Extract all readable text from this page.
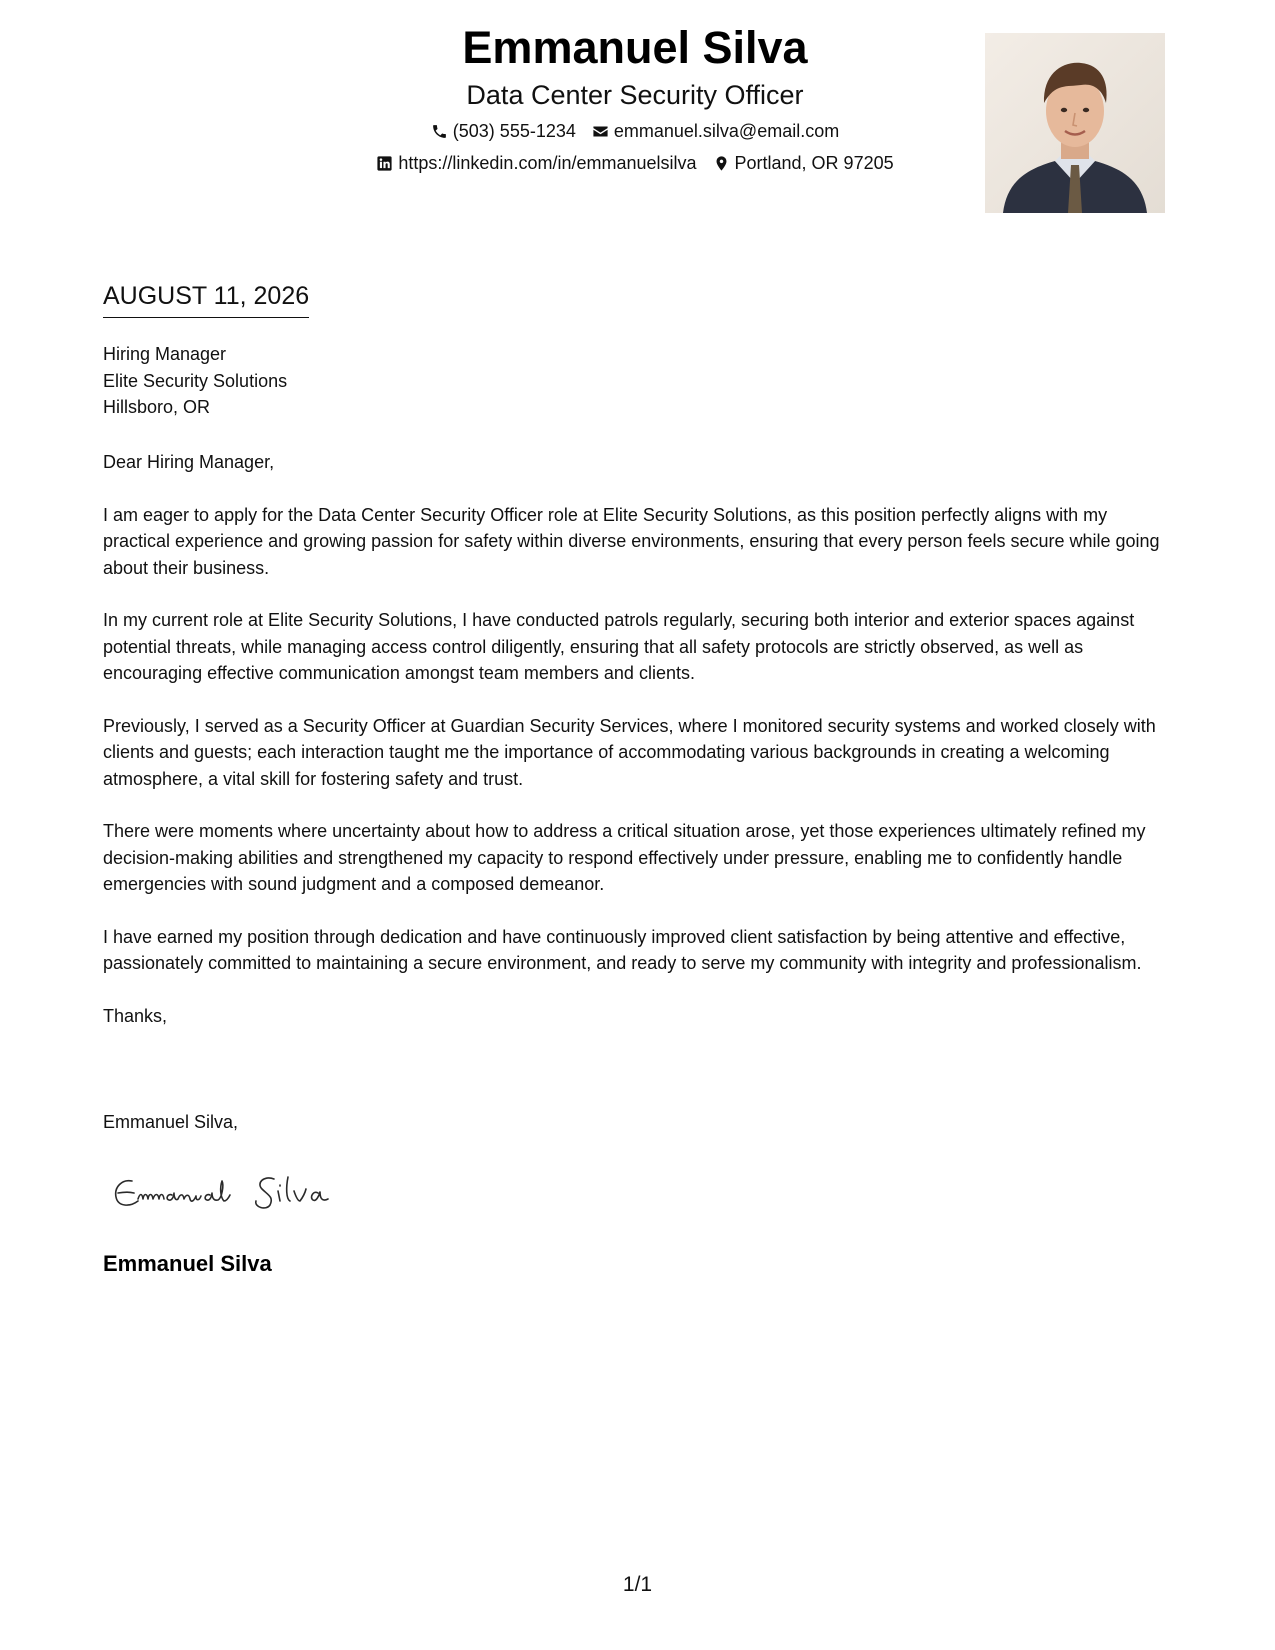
Emmanuel Silva
Data Center Security Officer
(503) 555-1234 emmanuel.silva@email.com
https://linkedin.com/in/emmanuelsilva Portland, OR 97205
AUGUST 11, 2026
Hiring Manager
Elite Security Solutions
Hillsboro, OR

Dear Hiring Manager,

I am eager to apply for the Data Center Security Officer role at Elite Security Solutions, as this position perfectly aligns with my practical experience and growing passion for safety within diverse environments, ensuring that every person feels secure while going about their business.

In my current role at Elite Security Solutions, I have conducted patrols regularly, securing both interior and exterior spaces against potential threats, while managing access control diligently, ensuring that all safety protocols are strictly observed, as well as encouraging effective communication amongst team members and clients.

Previously, I served as a Security Officer at Guardian Security Services, where I monitored security systems and worked closely with clients and guests; each interaction taught me the importance of accommodating various backgrounds in creating a welcoming atmosphere, a vital skill for fostering safety and trust.

There were moments where uncertainty about how to address a critical situation arose, yet those experiences ultimately refined my decision-making abilities and strengthened my capacity to respond effectively under pressure, enabling me to confidently handle emergencies with sound judgment and a composed demeanor.

I have earned my position through dedication and have continuously improved client satisfaction by being attentive and effective, passionately committed to maintaining a secure environment, and ready to serve my community with integrity and professionalism.

Thanks,

Emmanuel Silva,
Emmanuel Silva
1/1
